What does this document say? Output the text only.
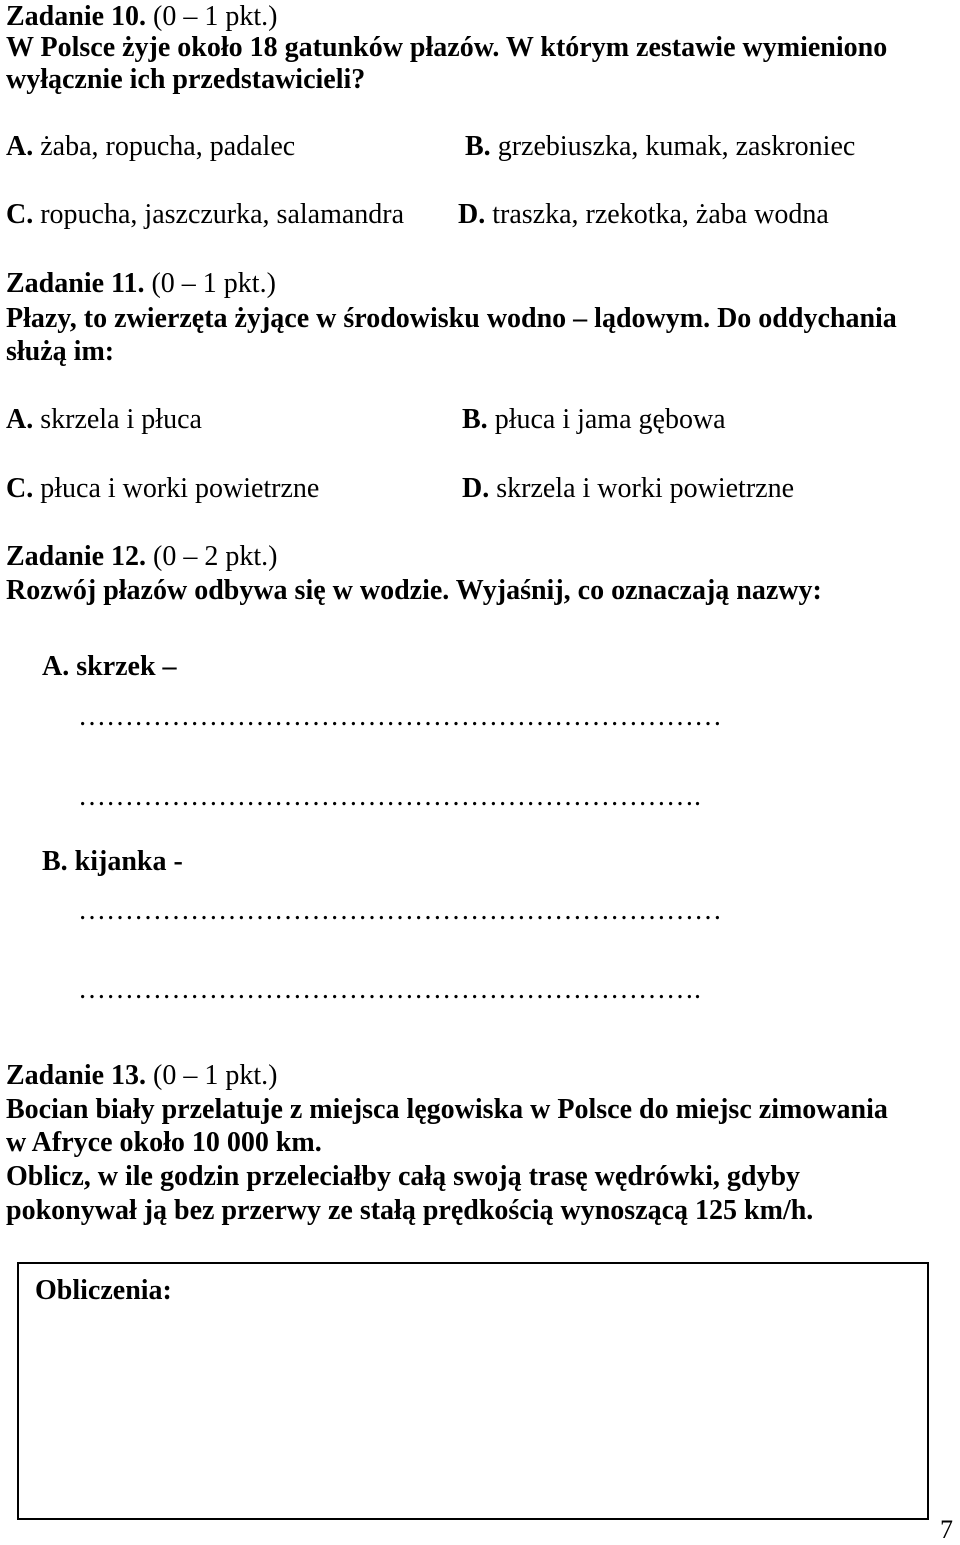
Zadanie 10. (0 – 1 pkt.)
W Polsce żyje około 18 gatunków płazów. W którym zestawie wymieniono
wyłącznie ich przedstawicieli?
A. żaba, ropucha, padalec	B. grzebiuszka, kumak, zaskroniec
C. ropucha, jaszczurka, salamandra D. traszka, rzekotka, żaba wodna
Zadanie 11. (0 – 1 pkt.)
Płazy, to zwierzęta żyjące w środowisku wodno – lądowym. Do oddychania
służą im:
A. skrzela i płuca	B. płuca i jama gębowa
C. płuca i worki powietrzne	D. skrzela i worki powietrzne
Zadanie 12. (0 – 2 pkt.)
Rozwój płazów odbywa się w wodzie. Wyjaśnij, co oznaczają nazwy:
A. skrzek –
……………………………………………………………
………………………………………………………….
B. kijanka -
……………………………………………………………
………………………………………………………….
Zadanie 13. (0 – 1 pkt.)
Bocian biały przelatuje z miejsca lęgowiska w Polsce do miejsc zimowania
w Afryce około 10 000 km.
Oblicz, w ile godzin przeleciałby całą swoją trasę wędrówki, gdyby
pokonywał ją bez przerwy ze stałą prędkością wynoszącą 125 km/h.
Obliczenia:
7
